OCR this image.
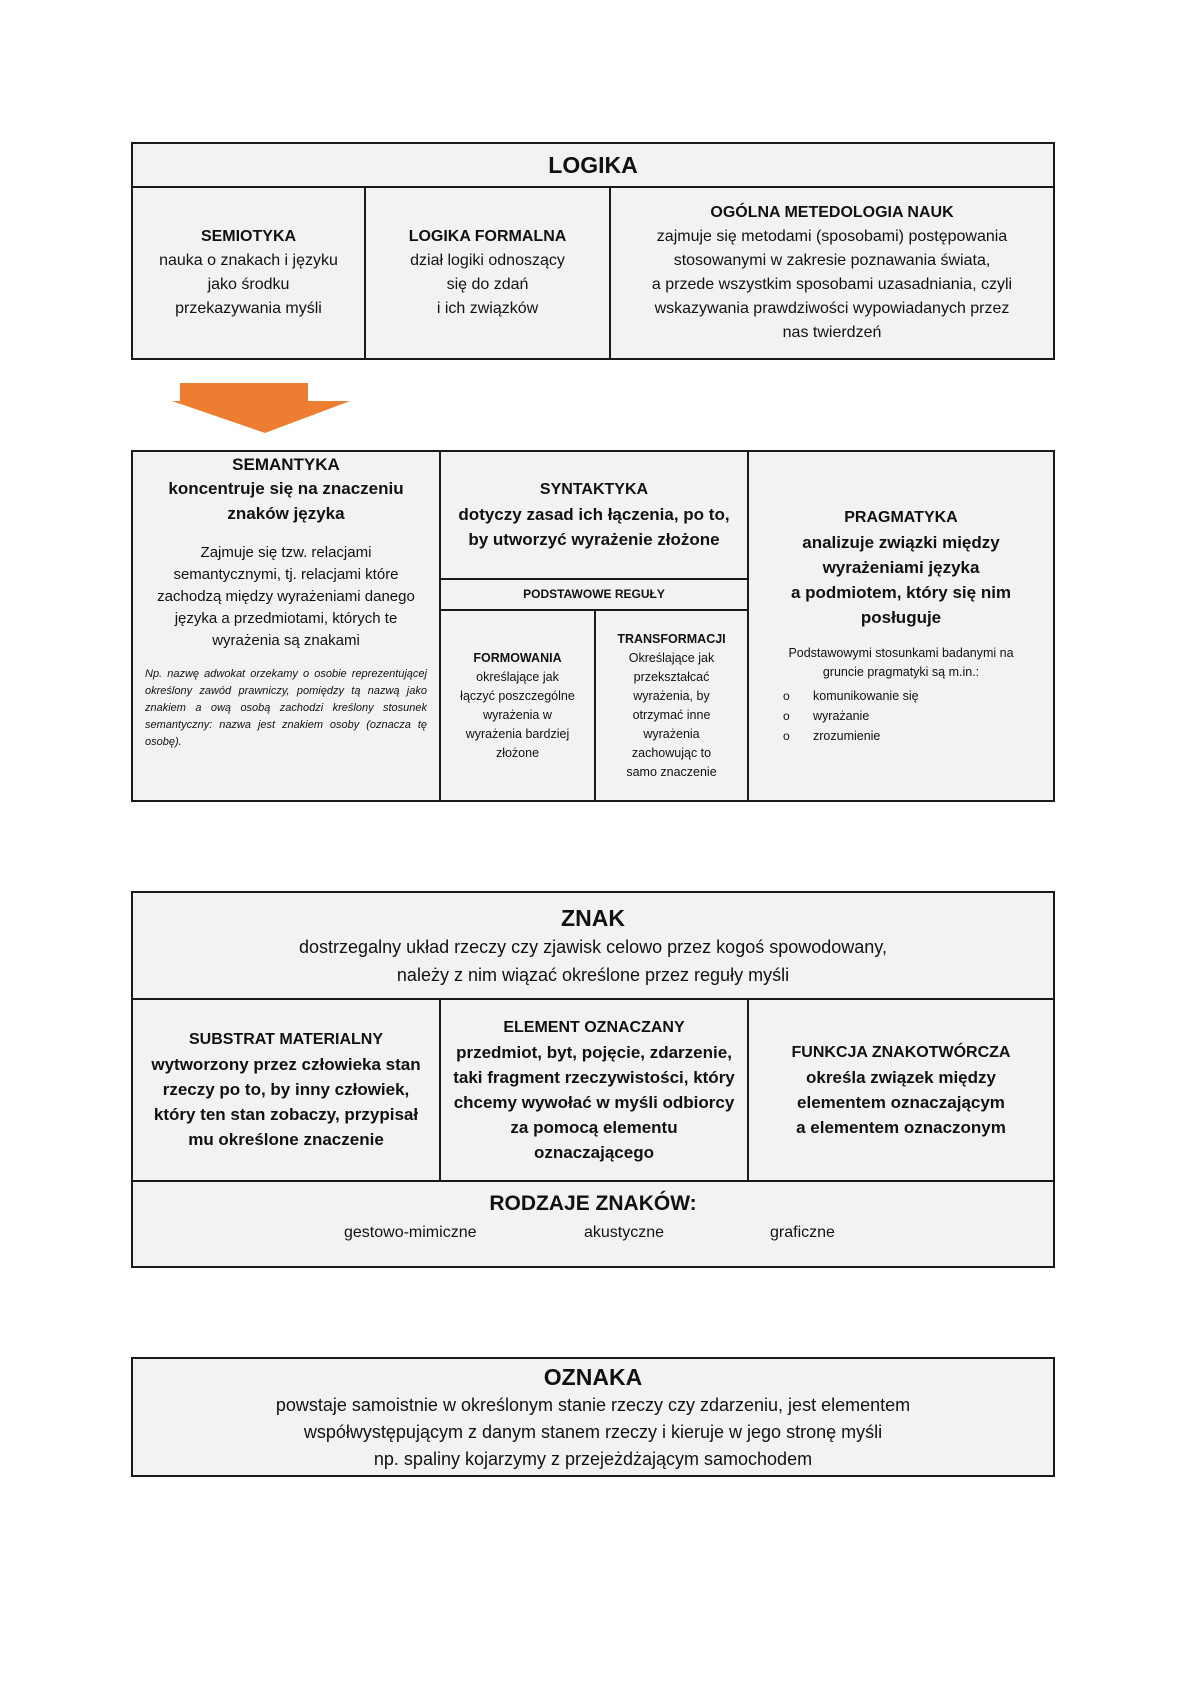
LOGIKA
SEMIOTYKA
nauka o znakach i języku
jako środku
przekazywania myśli
LOGIKA FORMALNA
dział logiki odnoszący
się do zdań
i ich związków
OGÓLNA METEDOLOGIA NAUK
zajmuje się metodami (sposobami) postępowania
stosowanymi w zakresie poznawania świata,
a przede wszystkim sposobami uzasadniania, czyli
wskazywania prawdziwości wypowiadanych przez
nas twierdzeń
SEMANTYKA
koncentruje się na znaczeniu
znaków języka
Zajmuje się tzw. relacjami
semantycznymi, tj. relacjami które
zachodzą między wyrażeniami danego
języka a przedmiotami, których te
wyrażenia są znakami
Np. nazwę adwokat orzekamy o osobie reprezentującej określony zawód prawniczy, pomiędzy tą nazwą jako znakiem a ową osobą zachodzi kreślony stosunek semantyczny: nazwa jest znakiem osoby (oznacza tę osobę).
SYNTAKTYKA
dotyczy zasad ich łączenia, po to,
by utworzyć wyrażenie złożone
PODSTAWOWE REGUŁY
FORMOWANIA
określające jak
łączyć poszczególne
wyrażenia w
wyrażenia bardziej
złożone
TRANSFORMACJI
Określające jak
przekształcać
wyrażenia, by
otrzymać inne
wyrażenia
zachowując to
samo znaczenie
PRAGMATYKA
analizuje związki między
wyrażeniami języka
a podmiotem, który się nim
posługuje
Podstawowymi stosunkami badanymi na
gruncie pragmatyki są m.in.:
o komunikowanie się
o wyrażanie
o zrozumienie
ZNAK
dostrzegalny układ rzeczy czy zjawisk celowo przez kogoś spowodowany,
należy z nim wiązać określone przez reguły myśli
SUBSTRAT MATERIALNY
wytworzony przez człowieka stan
rzeczy po to, by inny człowiek,
który ten stan zobaczy, przypisał
mu określone znaczenie
ELEMENT OZNACZANY
przedmiot, byt, pojęcie, zdarzenie,
taki fragment rzeczywistości, który
chcemy wywołać w myśli odbiorcy
za pomocą elementu
oznaczającego
FUNKCJA ZNAKOTWÓRCZA
określa związek między
elementem oznaczającym
a elementem oznaczonym
RODZAJE ZNAKÓW:
gestowo-mimiczne	akustyczne	graficzne
OZNAKA
powstaje samoistnie w określonym stanie rzeczy czy zdarzeniu, jest elementem
współwystępującym z danym stanem rzeczy i kieruje w jego stronę myśli
np. spaliny kojarzymy z przejeżdżającym samochodem
